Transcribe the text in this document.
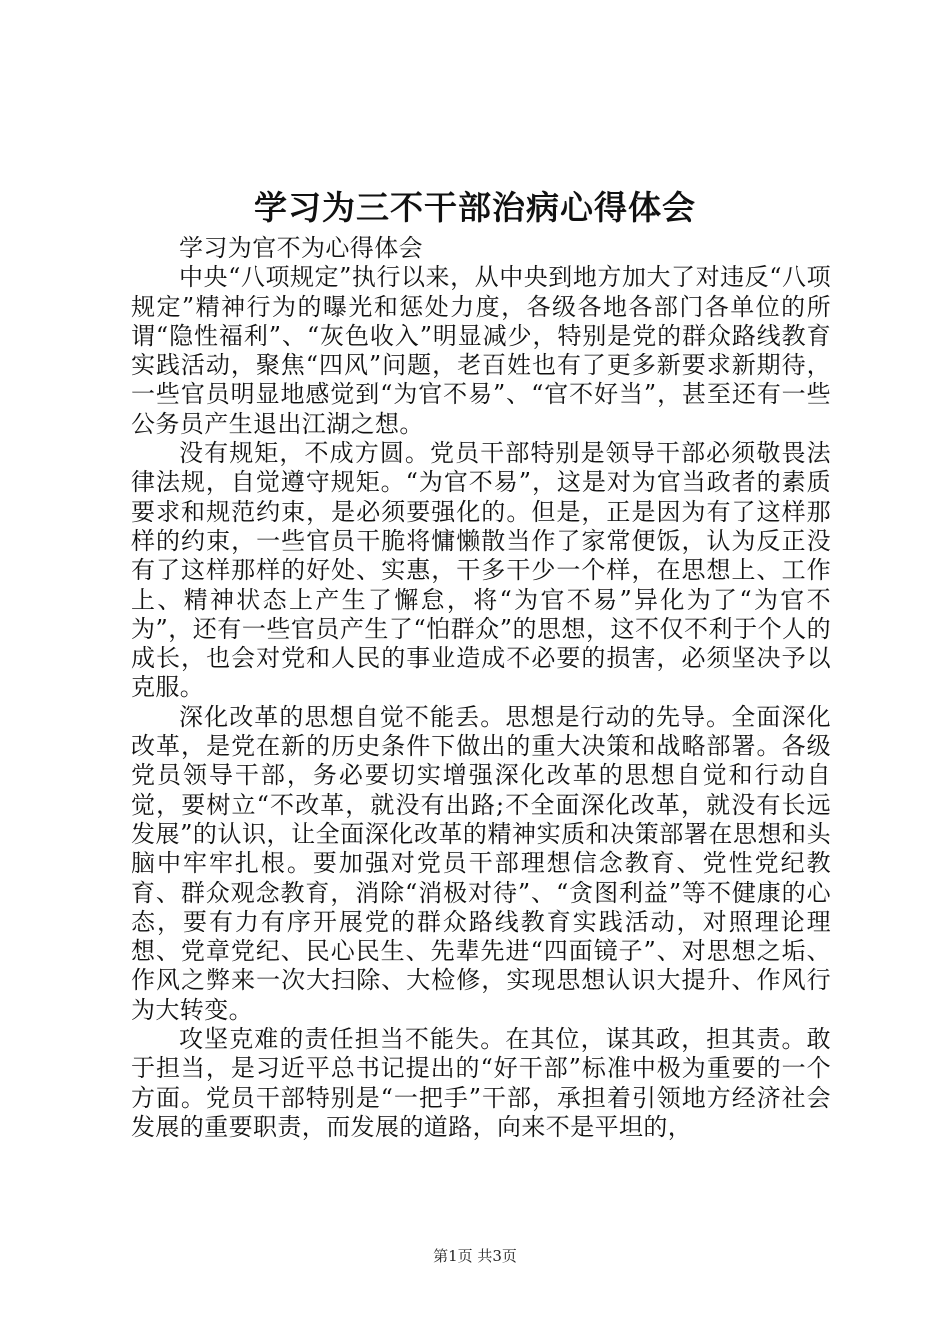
学习为三不干部治病心得体会

学习为官不为心得体会

中央“八项规定”执行以来，从中央到地方加大了对违反“八项规定”精神行为的曝光和惩处力度，各级各地各部门各单位的所谓“隐性福利”、“灰色收入”明显减少，特别是党的群众路线教育实践活动，聚焦“四风”问题，老百姓也有了更多新要求新期待，一些官员明显地感觉到“为官不易”、“官不好当”，甚至还有一些公务员产生退出江湖之想。

没有规矩，不成方圆。党员干部特别是领导干部必须敬畏法律法规，自觉遵守规矩。“为官不易”，这是对为官当政者的素质要求和规范约束，是必须要强化的。但是，正是因为有了这样那样的约束，一些官员干脆将慵懒散当作了家常便饭，认为反正没有了这样那样的好处、实惠，干多干少一个样，在思想上、工作上、精神状态上产生了懈怠，将“为官不易”异化为了“为官不为”，还有一些官员产生了“怕群众”的思想，这不仅不利于个人的成长，也会对党和人民的事业造成不必要的损害，必须坚决予以克服。

深化改革的思想自觉不能丢。思想是行动的先导。全面深化改革，是党在新的历史条件下做出的重大决策和战略部署。各级党员领导干部，务必要切实增强深化改革的思想自觉和行动自觉，要树立“不改革，就没有出路;不全面深化改革，就没有长远发展”的认识，让全面深化改革的精神实质和决策部署在思想和头脑中牢牢扎根。要加强对党员干部理想信念教育、党性党纪教育、群众观念教育，消除“消极对待”、“贪图利益”等不健康的心态，要有力有序开展党的群众路线教育实践活动，对照理论理想、党章党纪、民心民生、先辈先进“四面镜子”、对思想之垢、作风之弊来一次大扫除、大检修，实现思想认识大提升、作风行为大转变。

攻坚克难的责任担当不能失。在其位，谋其政，担其责。敢于担当，是习近平总书记提出的“好干部”标准中极为重要的一个方面。党员干部特别是“一把手”干部，承担着引领地方经济社会发展的重要职责，而发展的道路，向来不是平坦的，

第1页 共3页
